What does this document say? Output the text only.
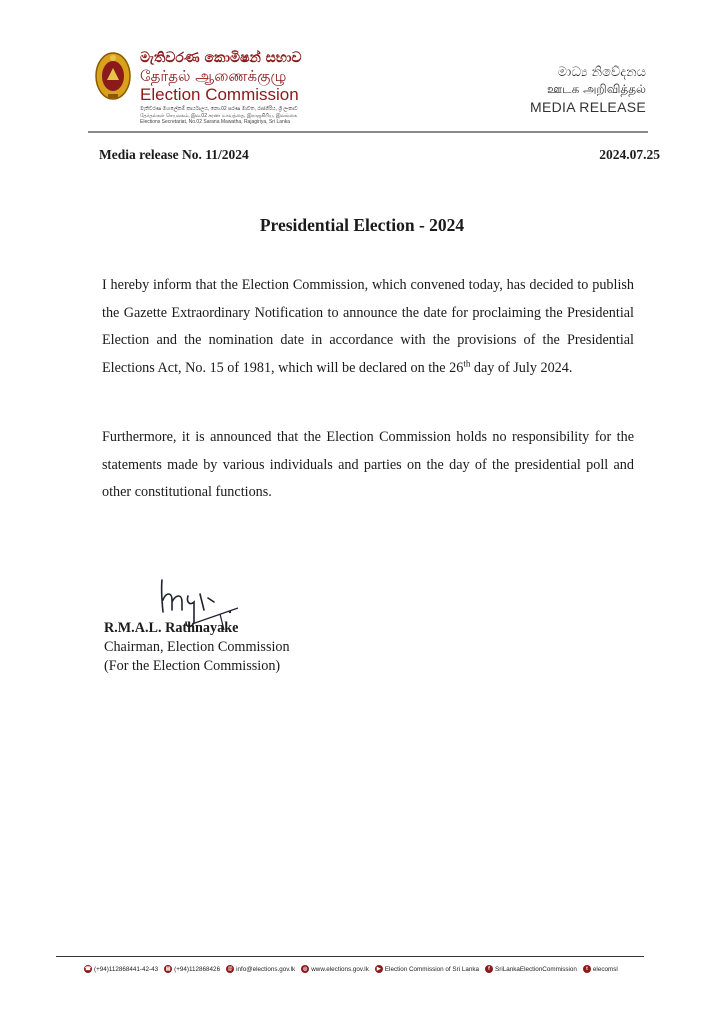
මැතිවරණ කොමිෂන් සභාව
தேர்தல் ஆணைக்குழு
Election Commission
මැතිවරණ මහලේකම් කාර්යාලය, නො.02 සරණ මාවත, රාජගිරිය, ශ්‍රී ලංකාව
தேர்தல்கள் செயலகம், இல.02 சரண மாவத்தை, இராஜகிரிய, இலங்கை
Elections Secretariat, No.02 Sarana Mawatha, Rajagiriya, Sri Lanka
මාධ්‍ය නිවේදනය
ஊடக அறிவித்தல்
MEDIA RELEASE
Media release No. 11/2024	2024.07.25
Presidential Election - 2024
I hereby inform that the Election Commission, which convened today, has decided to publish the Gazette Extraordinary Notification to announce the date for proclaiming the Presidential Election and the nomination date in accordance with the provisions of the Presidential Elections Act, No. 15 of 1981, which will be declared on the 26th day of July 2024.
Furthermore, it is announced that the Election Commission holds no responsibility for the statements made by various individuals and parties on the day of the presidential poll and other constitutional functions.
R.M.A.L. Rathnayake
Chairman, Election Commission
(For the Election Commission)
☎ (+94)112868441-42-43	▤ (+94)112868426	@ info@elections.gov.lk	◎ www.elections.gov.lk	▶ Election Commission of Sri Lanka	f SriLankaElectionCommission	t elecomsl
